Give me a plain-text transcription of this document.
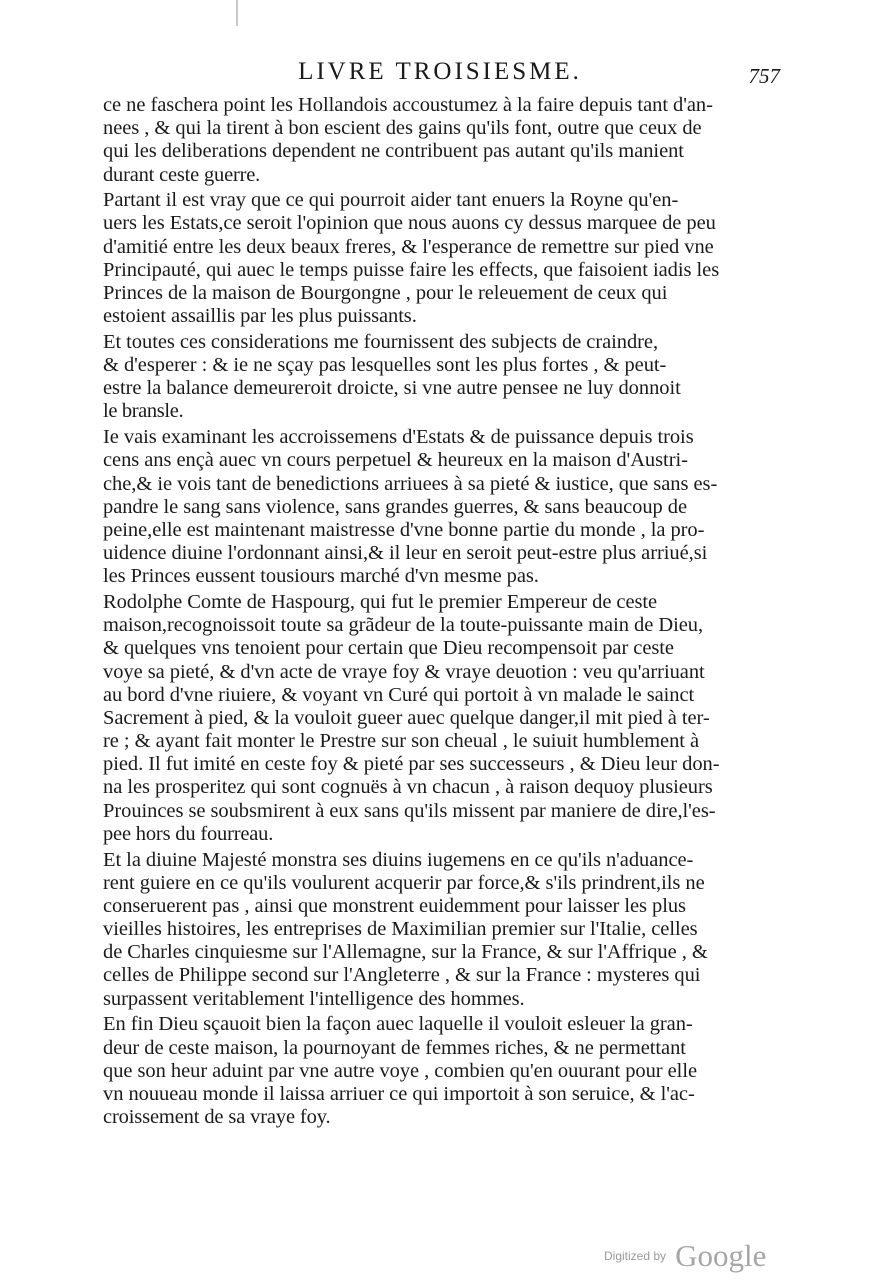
LIVRE TROISIESME.	757
ce ne faschera point les Hollandois accoustumez à la faire depuis tant d'an-
nees , & qui la tirent à bon escient des gains qu'ils font, outre que ceux de
qui les deliberations dependent ne contribuent pas autant qu'ils manient
durant ceste guerre.
Partant il est vray que ce qui pourroit aider tant enuers la Royne qu'en-
uers les Estats,ce seroit l'opinion que nous auons cy dessus marquee de peu
d'amitié entre les deux beaux freres, & l'esperance de remettre sur pied vne
Principauté, qui auec le temps puisse faire les effects, que faisoient iadis les
Princes de la maison de Bourgongne , pour le releuement de ceux qui
estoient assaillis par les plus puissants.
Et toutes ces considerations me fournissent des subjects de craindre,
& d'esperer : & ie ne sçay pas lesquelles sont les plus fortes , & peut-
estre la balance demeureroit droicte, si vne autre pensee ne luy donnoit
le bransle.
Ie vais examinant les accroissemens d'Estats & de puissance depuis trois
cens ans ençà auec vn cours perpetuel & heureux en la maison d'Austri-
che,& ie vois tant de benedictions arriuees à sa pieté & iustice, que sans es-
pandre le sang sans violence, sans grandes guerres, & sans beaucoup de
peine,elle est maintenant maistresse d'vne bonne partie du monde , la pro-
uidence diuine l'ordonnant ainsi,& il leur en seroit peut-estre plus arriué,si
les Princes eussent tousiours marché d'vn mesme pas.
Rodolphe Comte de Haspourg, qui fut le premier Empereur de ceste
maison,recognoissoit toute sa grãdeur de la toute-puissante main de Dieu,
& quelques vns tenoient pour certain que Dieu recompensoit par ceste
voye sa pieté, & d'vn acte de vraye foy & vraye deuotion : veu qu'arriuant
au bord d'vne riuiere, & voyant vn Curé qui portoit à vn malade le sainct
Sacrement à pied, & la vouloit gueer auec quelque danger,il mit pied à ter-
re ; & ayant fait monter le Prestre sur son cheual , le suiuit humblement à
pied. Il fut imité en ceste foy & pieté par ses successeurs , & Dieu leur don-
na les prosperitez qui sont cognuës à vn chacun , à raison dequoy plusieurs
Prouinces se soubsmirent à eux sans qu'ils missent par maniere de dire,l'es-
pee hors du fourreau.
Et la diuine Majesté monstra ses diuins iugemens en ce qu'ils n'aduance-
rent guiere en ce qu'ils voulurent acquerir par force,& s'ils prindrent,ils ne
conseruerent pas , ainsi que monstrent euidemment pour laisser les plus
vieilles histoires, les entreprises de Maximilian premier sur l'Italie, celles
de Charles cinquiesme sur l'Allemagne, sur la France, & sur l'Affrique , &
celles de Philippe second sur l'Angleterre , & sur la France : mysteres qui
surpassent veritablement l'intelligence des hommes.
En fin Dieu sçauoit bien la façon auec laquelle il vouloit esleuer la gran-
deur de ceste maison, la pournoyant de femmes riches, & ne permettant
que son heur aduint par vne autre voye , combien qu'en ouurant pour elle
vn nouueau monde il laissa arriuer ce qui importoit à son seruice, & l'ac-
croissement de sa vraye foy.
$^{Digitized by}$ Google
